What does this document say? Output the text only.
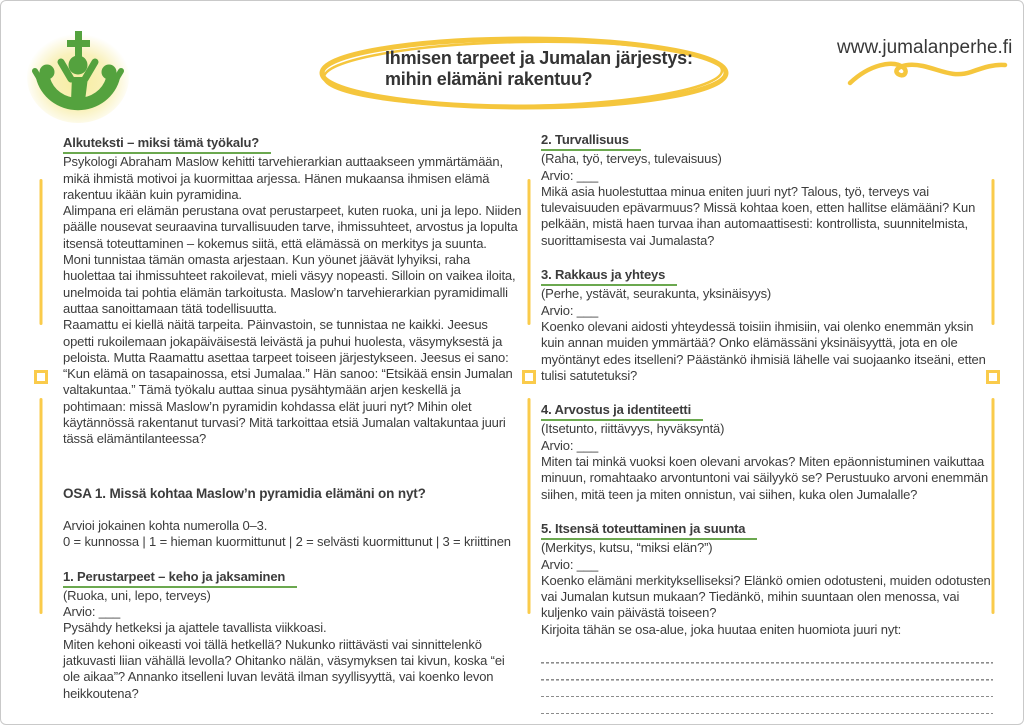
Ihmisen tarpeet ja Jumalan järjestys:
mihin elämäni rakentuu?
www.jumalanperhe.fi

Alkuteksti – miksi tämä työkalu?

Psykologi Abraham Maslow kehitti tarvehierarkian auttaakseen ymmärtämään, mikä ihmistä motivoi ja kuormittaa arjessa. Hänen mukaansa ihmisen elämä rakentuu ikään kuin pyramidina.

Alimpana eri elämän perustana ovat perustarpeet, kuten ruoka, uni ja lepo. Niiden päälle nousevat seuraavina turvallisuuden tarve, ihmissuhteet, arvostus ja lopulta itsensä toteuttaminen – kokemus siitä, että elämässä on merkitys ja suunta.

Moni tunnistaa tämän omasta arjestaan. Kun yöunet jäävät lyhyiksi, raha huolettaa tai ihmissuhteet rakoilevat, mieli väsyy nopeasti. Silloin on vaikea iloita, unelmoida tai pohtia elämän tarkoitusta. Maslow’n tarvehierarkian pyramidimalli auttaa sanoittamaan tätä todellisuutta.

Raamattu ei kiellä näitä tarpeita. Päinvastoin, se tunnistaa ne kaikki. Jeesus opetti rukoilemaan jokapäiväisestä leivästä ja puhui huolesta, väsymyksestä ja peloista. Mutta Raamattu asettaa tarpeet toiseen järjestykseen. Jeesus ei sano: “Kun elämä on tasapainossa, etsi Jumalaa.” Hän sanoo: “Etsikää ensin Jumalan valtakuntaa.” Tämä työkalu auttaa sinua pysähtymään arjen keskellä ja pohtimaan: missä Maslow’n pyramidin kohdassa elät juuri nyt? Mihin olet käytännössä rakentanut turvasi? Mitä tarkoittaa etsiä Jumalan valtakuntaa juuri tässä elämäntilanteessa?

OSA 1. Missä kohtaa Maslow’n pyramidia elämäni on nyt?

Arvioi jokainen kohta numerolla 0–3.

0 = kunnossa | 1 = hieman kuormittunut | 2 = selvästi kuormittunut | 3 = kriittinen

1. Perustarpeet – keho ja jaksaminen

(Ruoka, uni, lepo, terveys)

Arvio: ___

Pysähdy hetkeksi ja ajattele tavallista viikkoasi.

Miten kehoni oikeasti voi tällä hetkellä? Nukunko riittävästi vai sinnittelenkö jatkuvasti liian vähällä levolla? Ohitanko nälän, väsymyksen tai kivun, koska “ei ole aikaa”? Annanko itselleni luvan levätä ilman syyllisyyttä, vai koenko levon heikkoutena?

2. Turvallisuus

(Raha, työ, terveys, tulevaisuus)

Arvio: ___

Mikä asia huolestuttaa minua eniten juuri nyt? Talous, työ, terveys vai tulevaisuuden epävarmuus? Missä kohtaa koen, etten hallitse elämääni? Kun pelkään, mistä haen turvaa ihan automaattisesti: kontrollista, suunnitelmista, suorittamisesta vai Jumalasta?

3. Rakkaus ja yhteys

(Perhe, ystävät, seurakunta, yksinäisyys)

Arvio: ___

Koenko olevani aidosti yhteydessä toisiin ihmisiin, vai olenko enemmän yksin kuin annan muiden ymmärtää? Onko elämässäni yksinäisyyttä, jota en ole myöntänyt edes itselleni? Päästänkö ihmisiä lähelle vai suojaanko itseäni, etten tulisi satutetuksi?

4. Arvostus ja identiteetti

(Itsetunto, riittävyys, hyväksyntä)

Arvio: ___

Miten tai minkä vuoksi koen olevani arvokas? Miten epäonnistuminen vaikuttaa minuun, romahtaako arvontuntoni vai säilyykö se? Perustuuko arvoni enemmän siihen, mitä teen ja miten onnistun, vai siihen, kuka olen Jumalalle?

5. Itsensä toteuttaminen ja suunta

(Merkitys, kutsu, “miksi elän?”)

Arvio: ___

Koenko elämäni merkitykselliseksi? Elänkö omien odotusteni, muiden odotusten vai Jumalan kutsun mukaan? Tiedänkö, mihin suuntaan olen menossa, vai kuljenko vain päivästä toiseen?

Kirjoita tähän se osa-alue, joka huutaa eniten huomiota juuri nyt:
